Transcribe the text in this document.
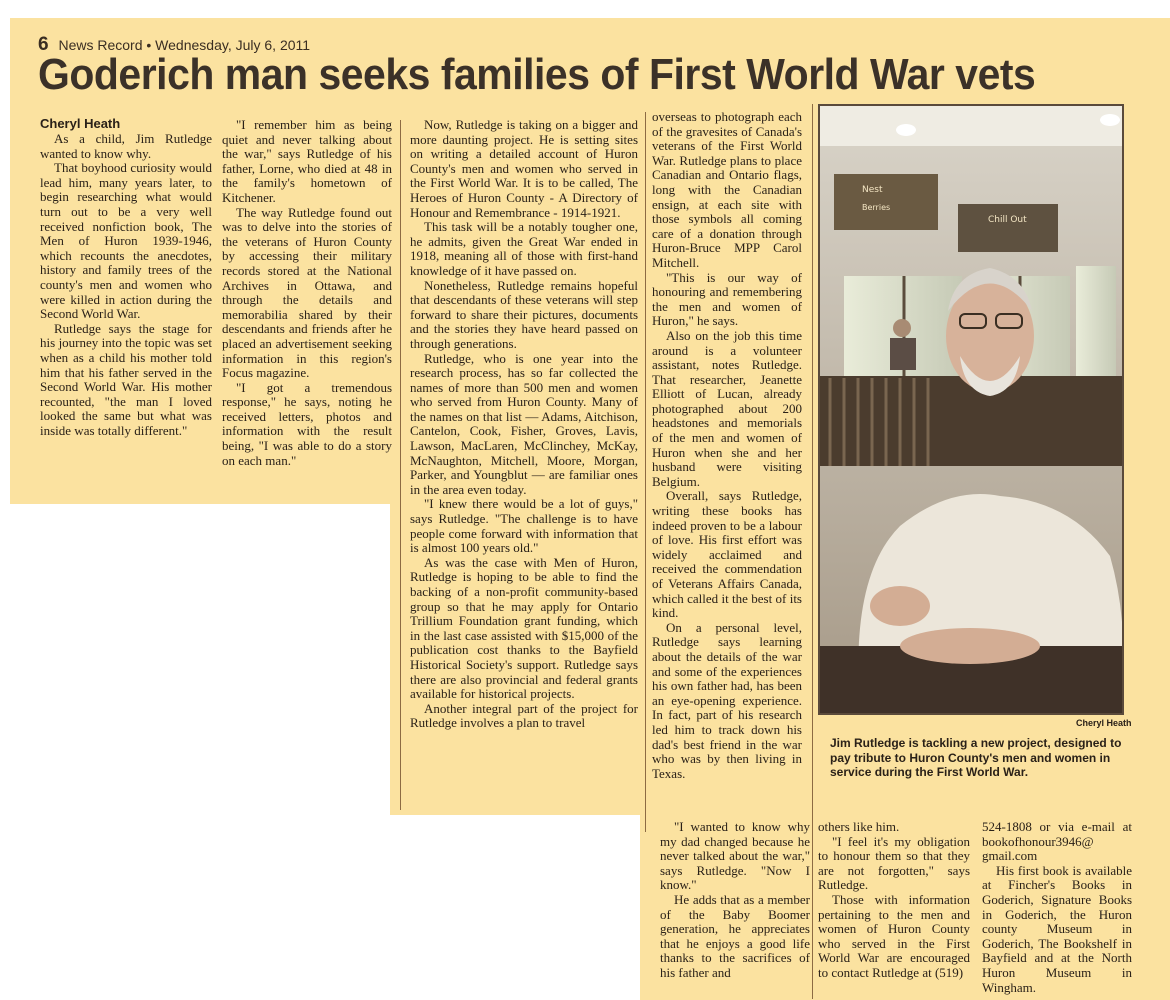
6 News Record • Wednesday, July 6, 2011
Goderich man seeks families of First World War vets
Cheryl Heath

As a child, Jim Rutledge wanted to know why.

That boyhood curiosity would lead him, many years later, to begin researching what would turn out to be a very well received nonfiction book, The Men of Huron 1939-1946, which recounts the anecdotes, history and family trees of the county's men and women who were killed in action during the Second World War.

Rutledge says the stage for his journey into the topic was set when as a child his mother told him that his father served in the Second World War. His mother recounted, "the man I loved looked the same but what was inside was totally different."

"I remember him as being quiet and never talking about the war," says Rutledge of his father, Lorne, who died at 48 in the family's hometown of Kitchener.

The way Rutledge found out was to delve into the stories of the veterans of Huron County by accessing their military records stored at the National Archives in Ottawa, and through the details and memorabilia shared by their descendants and friends after he placed an advertisement seeking information in this region's Focus magazine.

"I got a tremendous response," he says, noting he received letters, photos and information with the result being, "I was able to do a story on each man."

Now, Rutledge is taking on a bigger and more daunting project. He is setting sites on writing a detailed account of Huron County's men and women who served in the First World War. It is to be called, The Heroes of Huron County - A Directory of Honour and Remembrance - 1914-1921.

This task will be a notably tougher one, he admits, given the Great War ended in 1918, meaning all of those with first-hand knowledge of it have passed on.

Nonetheless, Rutledge remains hopeful that descendants of these veterans will step forward to share their pictures, documents and the stories they have heard passed on through generations.

Rutledge, who is one year into the research process, has so far collected the names of more than 500 men and women who served from Huron County. Many of the names on that list — Adams, Aitchison, Cantelon, Cook, Fisher, Groves, Lavis, Lawson, MacLaren, McClinchey, McKay, McNaughton, Mitchell, Moore, Morgan, Parker, and Youngblut — are familiar ones in the area even today.

"I knew there would be a lot of guys," says Rutledge. "The challenge is to have people come forward with information that is almost 100 years old."

As was the case with Men of Huron, Rutledge is hoping to be able to find the backing of a non-profit community-based group so that he may apply for Ontario Trillium Foundation grant funding, which in the last case assisted with $15,000 of the publication cost thanks to the Bayfield Historical Society's support. Rutledge says there are also provincial and federal grants available for historical projects.

Another integral part of the project for Rutledge involves a plan to travel

overseas to photograph each of the gravesites of Canada's veterans of the First World War. Rutledge plans to place Canadian and Ontario flags, long with the Canadian ensign, at each site with those symbols all coming care of a donation through Huron-Bruce MPP Carol Mitchell.

"This is our way of honouring and remembering the men and women of Huron," he says.

Also on the job this time around is a volunteer assistant, notes Rutledge. That researcher, Jeanette Elliott of Lucan, already photographed about 200 headstones and memorials of the men and women of Huron when she and her husband were visiting Belgium.

Overall, says Rutledge, writing these books has indeed proven to be a labour of love. His first effort was widely acclaimed and received the commendation of Veterans Affairs Canada, which called it the best of its kind.

On a personal level, Rutledge says learning about the details of the war and some of the experiences his own father had, has been an eye-opening experience. In fact, part of his research led him to track down his dad's best friend in the war who was by then living in Texas.

"I wanted to know why my dad changed because he never talked about the war," says Rutledge. "Now I know."

He adds that as a member of the Baby Boomer generation, he appreciates that he enjoys a good life thanks to the sacrifices of his father and

others like him.

"I feel it's my obligation to honour them so that they are not forgotten," says Rutledge.

Those with information pertaining to the men and women of Huron County who served in the First World War are encouraged to contact Rutledge at (519)

524-1808 or via e-mail at bookofhonour3946@ gmail.com

His first book is available at Fincher's Books in Goderich, Signature Books in Goderich, the Huron county Museum in Goderich, The Bookshelf in Bayfield and at the North Huron Museum in Wingham.

Nest
Berries
Chill Out
Cheryl Heath
Jim Rutledge is tackling a new project, designed to pay tribute to Huron County's men and women in service during the First World War.
